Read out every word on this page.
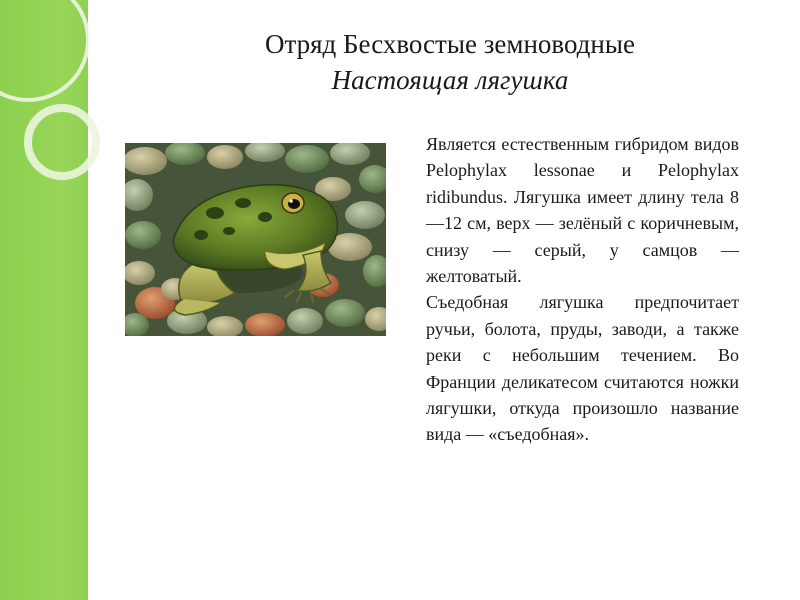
Отряд Бесхвостые земноводные
Настоящая лягушка

Является естественным гибридом видов Pelophylax lessonae и Pelophylax ridibundus. Лягушка имеет длину тела 8—12 см, верх — зелёный с коричневым, снизу — серый, у самцов — желтоватый.

Съедобная лягушка предпочитает ручьи, болота, пруды, заводи, а также реки с небольшим течением. Во Франции деликатесом считаются ножки лягушки, откуда произошло название вида — «съедобная».
